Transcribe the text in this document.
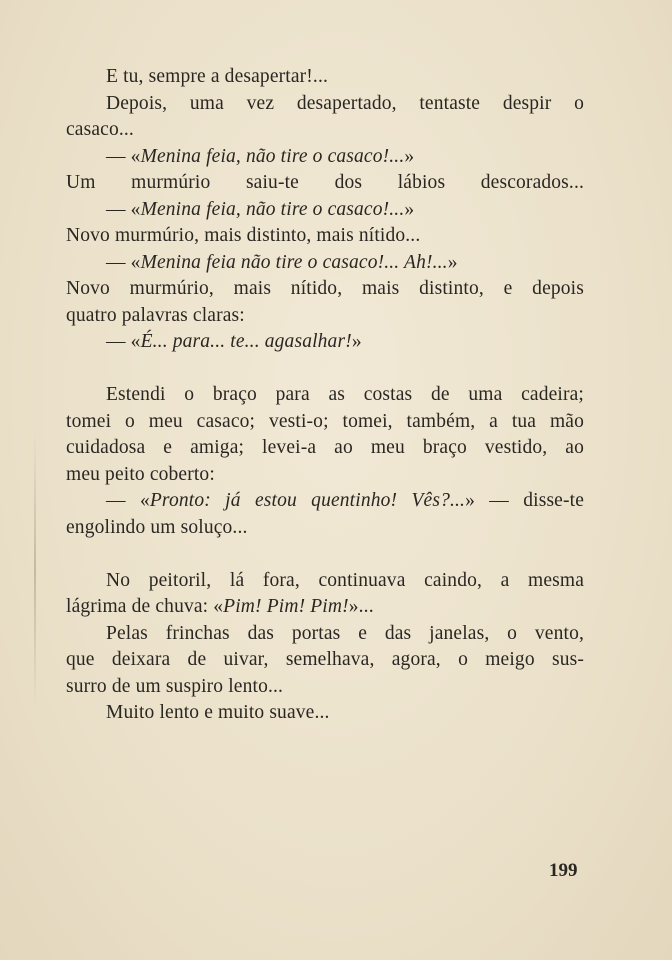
E tu, sempre a desapertar!...
Depois, uma vez desapertado, tentaste despir o
casaco...
— «Menina feia, não tire o casaco!...»
Um murmúrio saiu-te dos lábios descorados...
— «Menina feia, não tire o casaco!...»
Novo murmúrio, mais distinto, mais nítido...
— «Menina feia não tire o casaco!... Ah!...»
Novo murmúrio, mais nítido, mais distinto, e depois
quatro palavras claras:
— «É... para... te... agasalhar!»
Estendi o braço para as costas de uma cadeira;
tomei o meu casaco; vesti-o; tomei, também, a tua mão
cuidadosa e amiga; levei-a ao meu braço vestido, ao
meu peito coberto:
— «Pronto: já estou quentinho! Vês?...» — disse-te
engolindo um soluço...
No peitoril, lá fora, continuava caindo, a mesma
lágrima de chuva: «Pim! Pim! Pim!»...
Pelas frinchas das portas e das janelas, o vento,
que deixara de uivar, semelhava, agora, o meigo sus-
surro de um suspiro lento...
Muito lento e muito suave...
199
